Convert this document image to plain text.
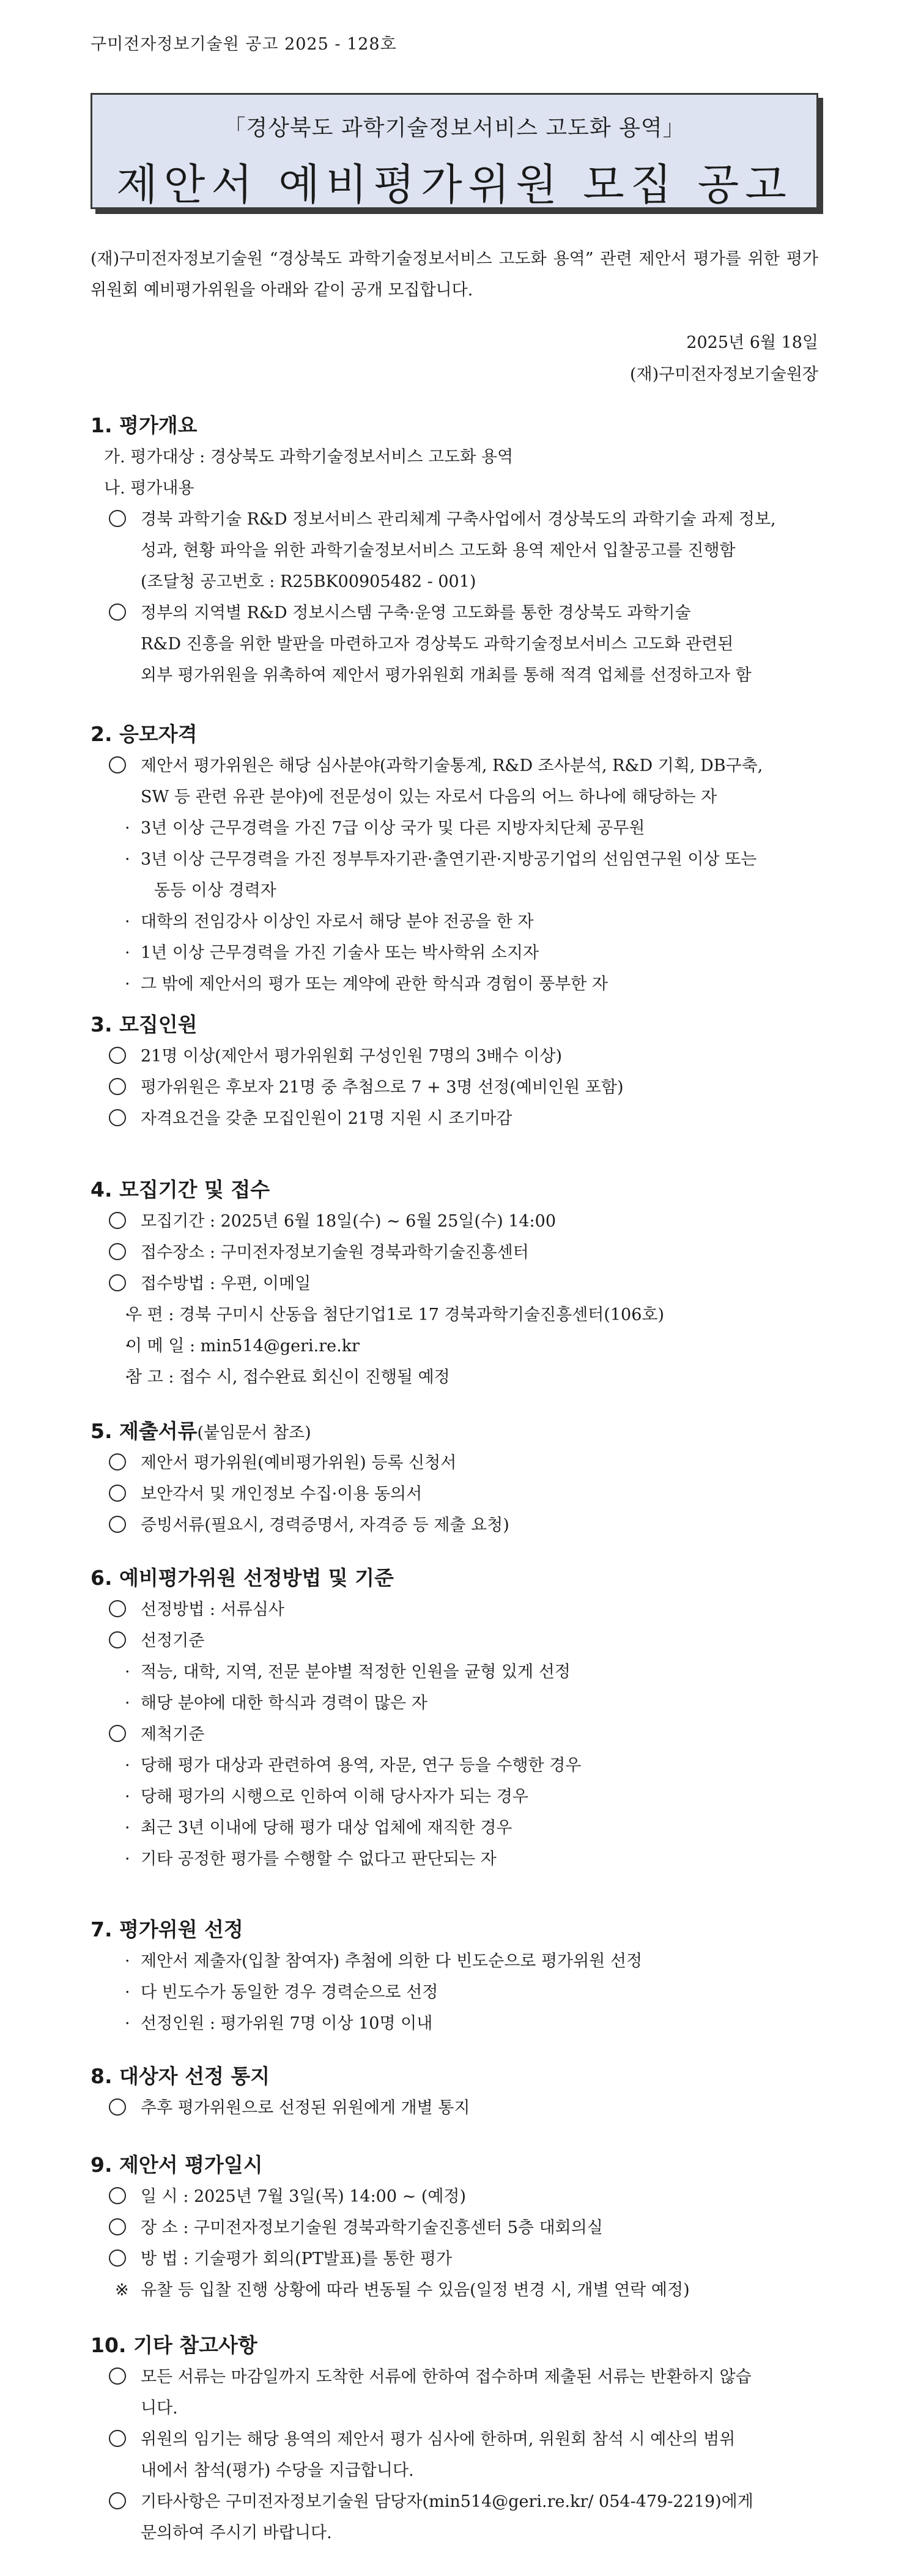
구미전자정보기술원 공고 2025 - 128호
「경상북도 과학기술정보서비스 고도화 용역」
제안서 예비평가위원 모집 공고
(재)구미전자정보기술원 “경상북도 과학기술정보서비스 고도화 용역” 관련 제안서 평가를 위한 평가위원회 예비평가위원을 아래와 같이 공개 모집합니다.
2025년 6월 18일
(재)구미전자정보기술원장
1. 평가개요
가. 평가대상 : 경상북도 과학기술정보서비스 고도화 용역
나. 평가내용
경북 과학기술 R&D 정보서비스 관리체계 구축사업에서 경상북도의 과학기술 과제 정보,
성과, 현황 파악을 위한 과학기술정보서비스 고도화 용역 제안서 입찰공고를 진행함
(조달청 공고번호 : R25BK00905482 - 001)
정부의 지역별 R&D 정보시스템 구축·운영 고도화를 통한 경상북도 과학기술
R&D 진흥을 위한 발판을 마련하고자 경상북도 과학기술정보서비스 고도화 관련된
외부 평가위원을 위촉하여 제안서 평가위원회 개최를 통해 적격 업체를 선정하고자 함
2. 응모자격
제안서 평가위원은 해당 심사분야(과학기술통계, R&D 조사분석, R&D 기획, DB구축,
SW 등 관련 유관 분야)에 전문성이 있는 자로서 다음의 어느 하나에 해당하는 자
· 3년 이상 근무경력을 가진 7급 이상 국가 및 다른 지방자치단체 공무원
· 3년 이상 근무경력을 가진 정부투자기관·출연기관·지방공기업의 선임연구원 이상 또는
동등 이상 경력자
· 대학의 전임강사 이상인 자로서 해당 분야 전공을 한 자
· 1년 이상 근무경력을 가진 기술사 또는 박사학위 소지자
· 그 밖에 제안서의 평가 또는 계약에 관한 학식과 경험이 풍부한 자
3. 모집인원
21명 이상(제안서 평가위원회 구성인원 7명의 3배수 이상)
평가위원은 후보자 21명 중 추첨으로 7 + 3명 선정(예비인원 포함)
자격요건을 갖춘 모집인원이 21명 지원 시 조기마감
4. 모집기간 및 접수
모집기간 : 2025년 6월 18일(수) ~ 6월 25일(수) 14:00
접수장소 : 구미전자정보기술원 경북과학기술진흥센터
접수방법 : 우편, 이메일
· 우 편 : 경북 구미시 산동읍 첨단기업1로 17 경북과학기술진흥센터(106호)
· 이 메 일 : min514@geri.re.kr
· 참 고 : 접수 시, 접수완료 회신이 진행될 예정
5. 제출서류(붙임문서 참조)
제안서 평가위원(예비평가위원) 등록 신청서
보안각서 및 개인정보 수집·이용 동의서
증빙서류(필요시, 경력증명서, 자격증 등 제출 요청)
6. 예비평가위원 선정방법 및 기준
선정방법 : 서류심사
선정기준
· 적능, 대학, 지역, 전문 분야별 적정한 인원을 균형 있게 선정
· 해당 분야에 대한 학식과 경력이 많은 자
제척기준
· 당해 평가 대상과 관련하여 용역, 자문, 연구 등을 수행한 경우
· 당해 평가의 시행으로 인하여 이해 당사자가 되는 경우
· 최근 3년 이내에 당해 평가 대상 업체에 재직한 경우
· 기타 공정한 평가를 수행할 수 없다고 판단되는 자
7. 평가위원 선정
· 제안서 제출자(입찰 참여자) 추첨에 의한 다 빈도순으로 평가위원 선정
· 다 빈도수가 동일한 경우 경력순으로 선정
· 선정인원 : 평가위원 7명 이상 10명 이내
8. 대상자 선정 통지
추후 평가위원으로 선정된 위원에게 개별 통지
9. 제안서 평가일시
일 시 : 2025년 7월 3일(목) 14:00 ~ (예정)
장 소 : 구미전자정보기술원 경북과학기술진흥센터 5층 대회의실
방 법 : 기술평가 회의(PT발표)를 통한 평가
※ 유찰 등 입찰 진행 상황에 따라 변동될 수 있음(일정 변경 시, 개별 연락 예정)
10. 기타 참고사항
모든 서류는 마감일까지 도착한 서류에 한하여 접수하며 제출된 서류는 반환하지 않습
니다.
위원의 임기는 해당 용역의 제안서 평가 심사에 한하며, 위원회 참석 시 예산의 범위
내에서 참석(평가) 수당을 지급합니다.
기타사항은 구미전자정보기술원 담당자(min514@geri.re.kr/ 054-479-2219)에게
문의하여 주시기 바랍니다.
